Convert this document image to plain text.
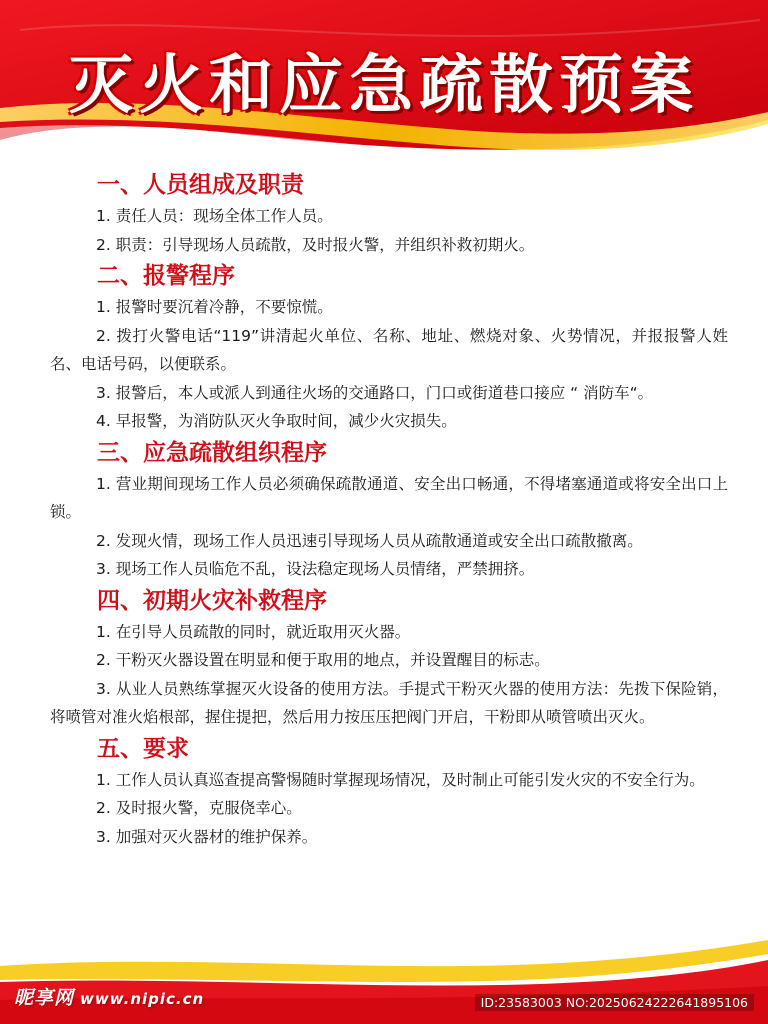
灭火和应急疏散预案
一、人员组成及职责

1. 责任人员：现场全体工作人员。

2. 职责：引导现场人员疏散，及时报火警，并组织补救初期火。

二、报警程序

1. 报警时要沉着冷静，不要惊慌。

2. 拨打火警电话“119”讲清起火单位、名称、地址、燃烧对象、火势情况，并报报警人姓名、电话号码，以便联系。

3. 报警后，本人或派人到通往火场的交通路口，门口或街道巷口接应 “ 消防车“。

4. 早报警，为消防队灭火争取时间，减少火灾损失。

三、应急疏散组织程序

1. 营业期间现场工作人员必须确保疏散通道、安全出口畅通，不得堵塞通道或将安全出口上锁。

2. 发现火情，现场工作人员迅速引导现场人员从疏散通道或安全出口疏散撤离。

3. 现场工作人员临危不乱，设法稳定现场人员情绪，严禁拥挤。

四、初期火灾补救程序

1. 在引导人员疏散的同时，就近取用灭火器。

2. 干粉灭火器设置在明显和便于取用的地点，并设置醒目的标志。

3. 从业人员熟练掌握灭火设备的使用方法。手提式干粉灭火器的使用方法：先拨下保险销，将喷管对准火焰根部，握住提把，然后用力按压压把阀门开启，干粉即从喷管喷出灭火。

五、要求

1. 工作人员认真巡查提高警惕随时掌握现场情况，及时制止可能引发火灾的不安全行为。

2. 及时报火警，克服侥幸心。

3. 加强对灭火器材的维护保养。

昵享网 www.nipic.cn	ID:23583003 NO:20250624222641895106
